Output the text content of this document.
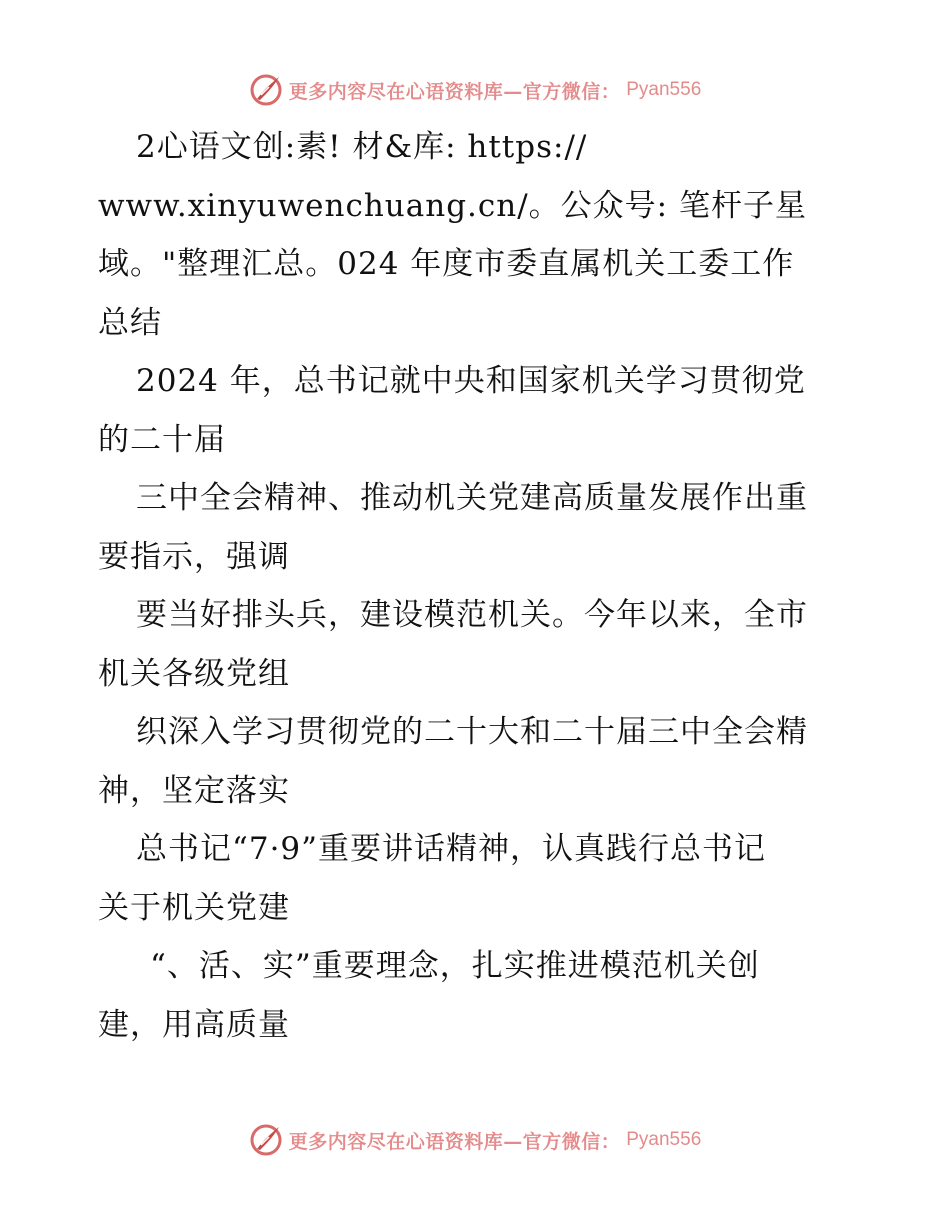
更多内容尽在心语资料库—官方微信： Pyan556
2心语文创:素! 材&库: https://
www.xinyuwenchuang.cn/。公众号: 笔杆子星
域。"整理汇总。024 年度市委直属机关工委工作
总结
2024 年，总书记就中央和国家机关学习贯彻党
的二十届
三中全会精神、推动机关党建高质量发展作出重
要指示，强调
要当好排头兵，建设模范机关。今年以来，全市
机关各级党组
织深入学习贯彻党的二十大和二十届三中全会精
神，坚定落实
总书记“7·9”重要讲话精神，认真践行总书记
关于机关党建
“、活、实”重要理念，扎实推进模范机关创
建，用高质量
更多内容尽在心语资料库—官方微信： Pyan556
